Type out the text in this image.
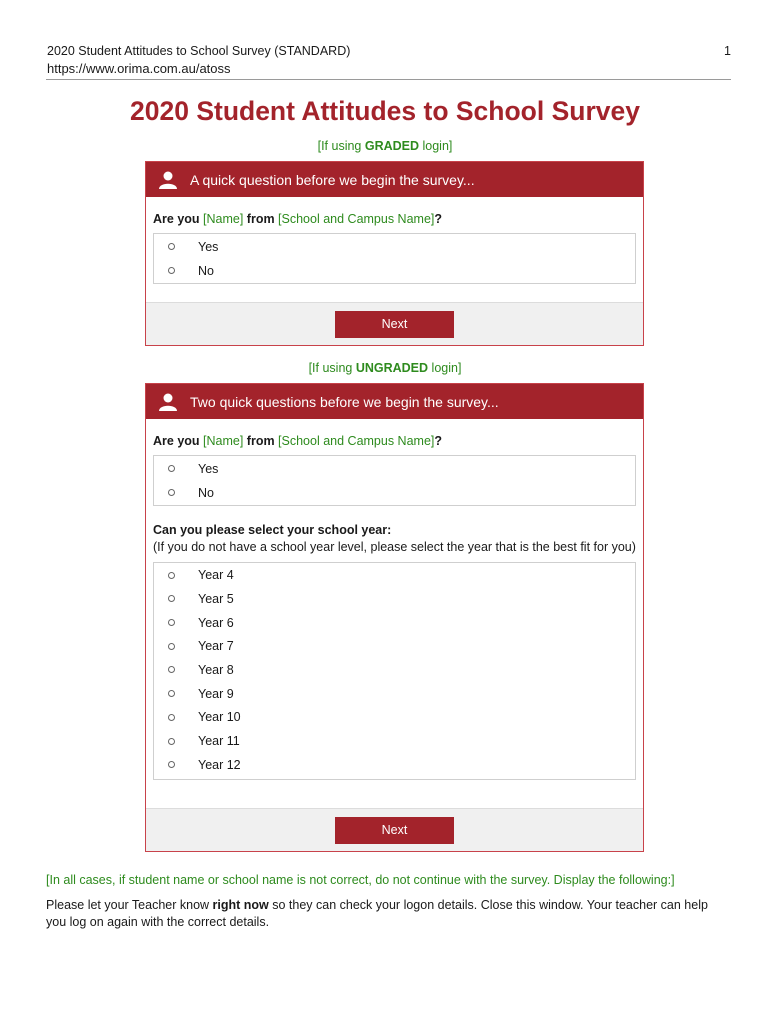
2020 Student Attitudes to School Survey (STANDARD)	1
https://www.orima.com.au/atoss
2020 Student Attitudes to School Survey
[If using GRADED login]
A quick question before we begin the survey...
Are you [Name] from [School and Campus Name]?
Yes
No
Next
[If using UNGRADED login]
Two quick questions before we begin the survey...
Are you [Name] from [School and Campus Name]?
Yes
No
Can you please select your school year:
(If you do not have a school year level, please select the year that is the best fit for you)
Year 4
Year 5
Year 6
Year 7
Year 8
Year 9
Year 10
Year 11
Year 12
Next
[In all cases, if student name or school name is not correct, do not continue with the survey. Display the following:]
Please let your Teacher know right now so they can check your logon details. Close this window. Your teacher can help you log on again with the correct details.
